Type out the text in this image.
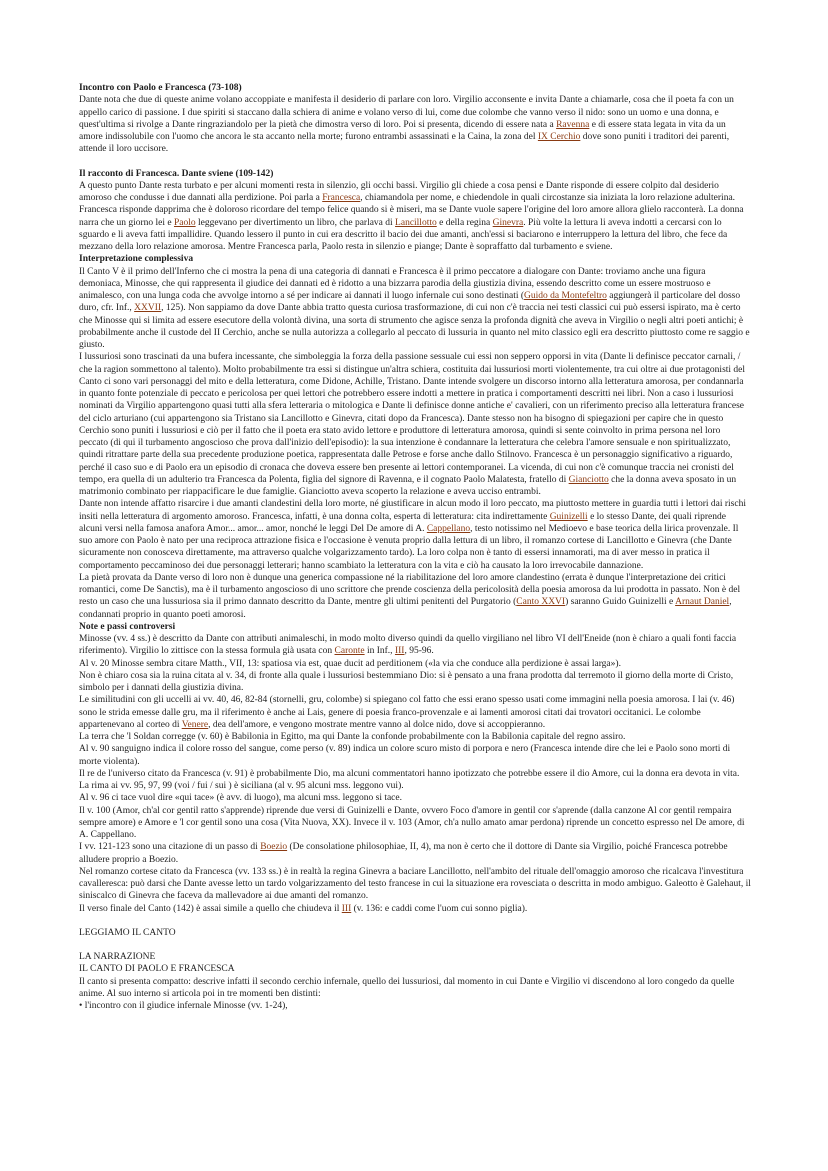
Incontro con Paolo e Francesca (73-108)

Dante nota che due di queste anime volano accoppiate e manifesta il desiderio di parlare con loro. Virgilio acconsente e invita Dante a chiamarle, cosa che il poeta fa con un appello carico di passione. I due spiriti si staccano dalla schiera di anime e volano verso di lui, come due colombe che vanno verso il nido: sono un uomo e una donna, e quest'ultima si rivolge a Dante ringraziandolo per la pietà che dimostra verso di loro. Poi si presenta, dicendo di essere nata a Ravenna e di essere stata legata in vita da un amore indissolubile con l'uomo che ancora le sta accanto nella morte; furono entrambi assassinati e la Caina, la zona del IX Cerchio dove sono puniti i traditori dei parenti, attende il loro uccisore.

Il racconto di Francesca. Dante sviene (109-142)

A questo punto Dante resta turbato e per alcuni momenti resta in silenzio, gli occhi bassi. Virgilio gli chiede a cosa pensi e Dante risponde di essere colpito dal desiderio amoroso che condusse i due dannati alla perdizione. Poi parla a Francesca, chiamandola per nome, e chiedendole in quali circostanze sia iniziata la loro relazione adulterina.

Francesca risponde dapprima che è doloroso ricordare del tempo felice quando si è miseri, ma se Dante vuole sapere l'origine del loro amore allora glielo racconterà. La donna narra che un giorno lei e Paolo leggevano per divertimento un libro, che parlava di Lancillotto e della regina Ginevra. Più volte la lettura li aveva indotti a cercarsi con lo sguardo e li aveva fatti impallidire. Quando lessero il punto in cui era descritto il bacio dei due amanti, anch'essi si baciarono e interruppero la lettura del libro, che fece da mezzano della loro relazione amorosa. Mentre Francesca parla, Paolo resta in silenzio e piange; Dante è sopraffatto dal turbamento e sviene.

Interpretazione complessiva

Il Canto V è il primo dell'Inferno che ci mostra la pena di una categoria di dannati e Francesca è il primo peccatore a dialogare con Dante: troviamo anche una figura demoniaca, Minosse, che qui rappresenta il giudice dei dannati ed è ridotto a una bizzarra parodia della giustizia divina, essendo descritto come un essere mostruoso e animalesco, con una lunga coda che avvolge intorno a sé per indicare ai dannati il luogo infernale cui sono destinati (Guido da Montefeltro aggiungerà il particolare del dosso duro, cfr. Inf., XXVII, 125). Non sappiamo da dove Dante abbia tratto questa curiosa trasformazione, di cui non c'è traccia nei testi classici cui può essersi ispirato, ma è certo che Minosse qui si limita ad essere esecutore della volontà divina, una sorta di strumento che agisce senza la profonda dignità che aveva in Virgilio o negli altri poeti antichi; è probabilmente anche il custode del II Cerchio, anche se nulla autorizza a collegarlo al peccato di lussuria in quanto nel mito classico egli era descritto piuttosto come re saggio e giusto.

I lussuriosi sono trascinati da una bufera incessante, che simboleggia la forza della passione sessuale cui essi non seppero opporsi in vita (Dante li definisce peccator carnali, / che la ragion sommettono al talento). Molto probabilmente tra essi si distingue un'altra schiera, costituita dai lussuriosi morti violentemente, tra cui oltre ai due protagonisti del Canto ci sono vari personaggi del mito e della letteratura, come Didone, Achille, Tristano. Dante intende svolgere un discorso intorno alla letteratura amorosa, per condannarla in quanto fonte potenziale di peccato e pericolosa per quei lettori che potrebbero essere indotti a mettere in pratica i comportamenti descritti nei libri. Non a caso i lussuriosi nominati da Virgilio appartengono quasi tutti alla sfera letteraria o mitologica e Dante li definisce donne antiche e' cavalieri, con un riferimento preciso alla letteratura francese del ciclo arturiano (cui appartengono sia Tristano sia Lancillotto e Ginevra, citati dopo da Francesca). Dante stesso non ha bisogno di spiegazioni per capire che in questo Cerchio sono puniti i lussuriosi e ciò per il fatto che il poeta era stato avido lettore e produttore di letteratura amorosa, quindi si sente coinvolto in prima persona nel loro peccato (di qui il turbamento angoscioso che prova dall'inizio dell'episodio): la sua intenzione è condannare la letteratura che celebra l'amore sensuale e non spiritualizzato, quindi ritrattare parte della sua precedente produzione poetica, rappresentata dalle Petrose e forse anche dallo Stilnovo. Francesca è un personaggio significativo a riguardo, perché il caso suo e di Paolo era un episodio di cronaca che doveva essere ben presente ai lettori contemporanei. La vicenda, di cui non c'è comunque traccia nei cronisti del tempo, era quella di un adulterio tra Francesca da Polenta, figlia del signore di Ravenna, e il cognato Paolo Malatesta, fratello di Gianciotto che la donna aveva sposato in un matrimonio combinato per riappacificare le due famiglie. Gianciotto aveva scoperto la relazione e aveva ucciso entrambi.

Dante non intende affatto risarcire i due amanti clandestini della loro morte, né giustificare in alcun modo il loro peccato, ma piuttosto mettere in guardia tutti i lettori dai rischi insiti nella letteratura di argomento amoroso. Francesca, infatti, è una donna colta, esperta di letteratura: cita indirettamente Guinizelli e lo stesso Dante, dei quali riprende alcuni versi nella famosa anafora Amor... amor... amor, nonché le leggi Del De amore di A. Cappellano, testo notissimo nel Medioevo e base teorica della lirica provenzale. Il suo amore con Paolo è nato per una reciproca attrazione fisica e l'occasione è venuta proprio dalla lettura di un libro, il romanzo cortese di Lancillotto e Ginevra (che Dante sicuramente non conosceva direttamente, ma attraverso qualche volgarizzamento tardo). La loro colpa non è tanto di essersi innamorati, ma di aver messo in pratica il comportamento peccaminoso dei due personaggi letterari; hanno scambiato la letteratura con la vita e ciò ha causato la loro irrevocabile dannazione.

La pietà provata da Dante verso di loro non è dunque una generica compassione né la riabilitazione del loro amore clandestino (errata è dunque l'interpretazione dei critici romantici, come De Sanctis), ma è il turbamento angoscioso di uno scrittore che prende coscienza della pericolosità della poesia amorosa da lui prodotta in passato. Non è del resto un caso che una lussuriosa sia il primo dannato descritto da Dante, mentre gli ultimi penitenti del Purgatorio (Canto XXVI) saranno Guido Guinizelli e Arnaut Daniel, condannati proprio in quanto poeti amorosi.

Note e passi controversi

Minosse (vv. 4 ss.) è descritto da Dante con attributi animaleschi, in modo molto diverso quindi da quello virgiliano nel libro VI dell'Eneide (non è chiaro a quali fonti faccia riferimento). Virgilio lo zittisce con la stessa formula già usata con Caronte in Inf., III, 95-96.

Al v. 20 Minosse sembra citare Matth., VII, 13: spatiosa via est, quae ducit ad perditionem («la via che conduce alla perdizione è assai larga»).

Non è chiaro cosa sia la ruina citata al v. 34, di fronte alla quale i lussuriosi bestemmiano Dio: si è pensato a una frana prodotta dal terremoto il giorno della morte di Cristo, simbolo per i dannati della giustizia divina.

Le similitudini con gli uccelli ai vv. 40, 46, 82-84 (stornelli, gru, colombe) si spiegano col fatto che essi erano spesso usati come immagini nella poesia amorosa. I lai (v. 46) sono le strida emesse dalle gru, ma il riferimento è anche ai Lais, genere di poesia franco-provenzale e ai lamenti amorosi citati dai trovatori occitanici. Le colombe appartenevano al corteo di Venere, dea dell'amore, e vengono mostrate mentre vanno al dolce nido, dove si accoppieranno.

La terra che 'l Soldan corregge (v. 60) è Babilonia in Egitto, ma qui Dante la confonde probabilmente con la Babilonia capitale del regno assiro.

Al v. 90 sanguigno indica il colore rosso del sangue, come perso (v. 89) indica un colore scuro misto di porpora e nero (Francesca intende dire che lei e Paolo sono morti di morte violenta).

Il re de l'universo citato da Francesca (v. 91) è probabilmente Dio, ma alcuni commentatori hanno ipotizzato che potrebbe essere il dio Amore, cui la donna era devota in vita.

La rima ai vv. 95, 97, 99 (voi / fui / sui ) è siciliana (al v. 95 alcuni mss. leggono vui).

Al v. 96 ci tace vuol dire «qui tace» (è avv. di luogo), ma alcuni mss. leggono si tace.

Il v. 100 (Amor, ch'al cor gentil ratto s'apprende) riprende due versi di Guinizelli e Dante, ovvero Foco d'amore in gentil cor s'aprende (dalla canzone Al cor gentil rempaira sempre amore) e Amore e 'l cor gentil sono una cosa (Vita Nuova, XX). Invece il v. 103 (Amor, ch'a nullo amato amar perdona) riprende un concetto espresso nel De amore, di A. Cappellano.

I vv. 121-123 sono una citazione di un passo di Boezio (De consolatione philosophiae, II, 4), ma non è certo che il dottore di Dante sia Virgilio, poiché Francesca potrebbe alludere proprio a Boezio.

Nel romanzo cortese citato da Francesca (vv. 133 ss.) è in realtà la regina Ginevra a baciare Lancillotto, nell'ambito del rituale dell'omaggio amoroso che ricalcava l'investitura cavalleresca: può darsi che Dante avesse letto un tardo volgarizzamento del testo francese in cui la situazione era rovesciata o descritta in modo ambiguo. Galeotto è Galehaut, il siniscalco di Ginevra che faceva da mallevadore ai due amanti del romanzo.

Il verso finale del Canto (142) è assai simile a quello che chiudeva il III (v. 136: e caddi come l'uom cui sonno piglia).

LEGGIAMO IL CANTO

LA NARRAZIONE

IL CANTO DI PAOLO E FRANCESCA

Il canto si presenta compatto: descrive infatti il secondo cerchio infernale, quello dei lussuriosi, dal momento in cui Dante e Virgilio vi discendono al loro congedo da quelle anime. Al suo interno si articola poi in tre momenti ben distinti:

• l'incontro con il giudice infernale Minosse (vv. 1-24),
